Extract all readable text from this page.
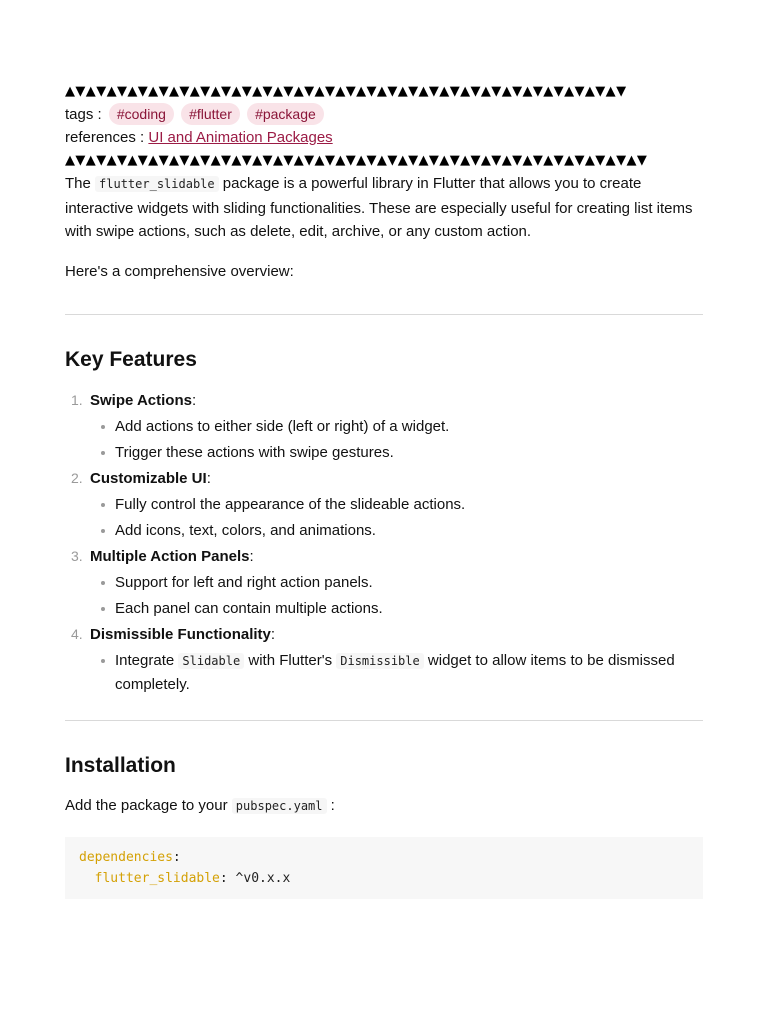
▲▼▲▼▲▼▲▼▲▼▲▼▲▼▲▼▲▼▲▼▲▼▲▼▲▼▲▼▲▼▲▼▲▼▲▼▲▼▲▼▲▼▲▼▲▼▲▼▲▼▲▼▲▼

tags : #coding #flutter #package

references : UI and Animation Packages

▲▼▲▼▲▼▲▼▲▼▲▼▲▼▲▼▲▼▲▼▲▼▲▼▲▼▲▼▲▼▲▼▲▼▲▼▲▼▲▼▲▼▲▼▲▼▲▼▲▼▲▼▲▼▲▼

The flutter_slidable package is a powerful library in Flutter that allows you to create interactive widgets with sliding functionalities. These are especially useful for creating list items with swipe actions, such as delete, edit, archive, or any custom action.

Here's a comprehensive overview:

Key Features
1. Swipe Actions:
Add actions to either side (left or right) of a widget.
Trigger these actions with swipe gestures.
2. Customizable UI:
Fully control the appearance of the slideable actions.
Add icons, text, colors, and animations.
3. Multiple Action Panels:
Support for left and right action panels.
Each panel can contain multiple actions.
4. Dismissible Functionality:
Integrate Slidable with Flutter's Dismissible widget to allow items to be dismissed completely.
Installation

Add the package to your pubspec.yaml :

dependencies:
flutter_slidable: ^v0.x.x
